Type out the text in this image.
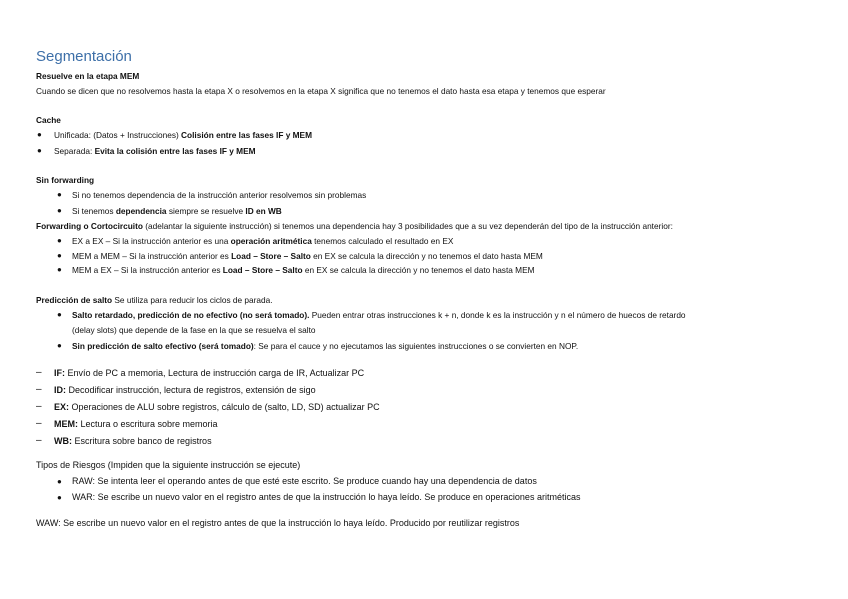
Segmentación
Resuelve en la etapa MEM
Cuando se dicen que no resolvemos hasta la etapa X o resolvemos en la etapa X significa que no tenemos el dato hasta esa etapa y tenemos que esperar
Cache
● Unificada: (Datos + Instrucciones) Colisión entre las fases IF y MEM
● Separada: Evita la colisión entre las fases IF y MEM
Sin forwarding
● Si no tenemos dependencia de la instrucción anterior resolvemos sin problemas
● Si tenemos dependencia siempre se resuelve ID en WB
Forwarding o Cortocircuito (adelantar la siguiente instrucción) si tenemos una dependencia hay 3 posibilidades que a su vez dependerán del tipo de la instrucción anterior:
● EX a EX – Si la instrucción anterior es una operación aritmética tenemos calculado el resultado en EX
● MEM a MEM – Si la instrucción anterior es Load – Store – Salto en EX se calcula la dirección y no tenemos el dato hasta MEM
● MEM a EX – Si la instrucción anterior es Load – Store – Salto en EX se calcula la dirección y no tenemos el dato hasta MEM
Predicción de salto Se utiliza para reducir los ciclos de parada.
● Salto retardado, predicción de no efectivo (no será tomado). Pueden entrar otras instrucciones k + n, donde k es la instrucción y n el número de huecos de retardo
(delay slots) que depende de la fase en la que se resuelva el salto
● Sin predicción de salto efectivo (será tomado): Se para el cauce y no ejecutamos las siguientes instrucciones o se convierten en NOP.
– IF: Envío de PC a memoria, Lectura de instrucción carga de IR, Actualizar PC
– ID: Decodificar instrucción, lectura de registros, extensión de sigo
– EX: Operaciones de ALU sobre registros, cálculo de (salto, LD, SD) actualizar PC
– MEM: Lectura o escritura sobre memoria
– WB: Escritura sobre banco de registros
Tipos de Riesgos (Impiden que la siguiente instrucción se ejecute)
● RAW: Se intenta leer el operando antes de que esté este escrito. Se produce cuando hay una dependencia de datos
● WAR: Se escribe un nuevo valor en el registro antes de que la instrucción lo haya leído. Se produce en operaciones aritméticas
WAW: Se escribe un nuevo valor en el registro antes de que la instrucción lo haya leído. Producido por reutilizar registros
